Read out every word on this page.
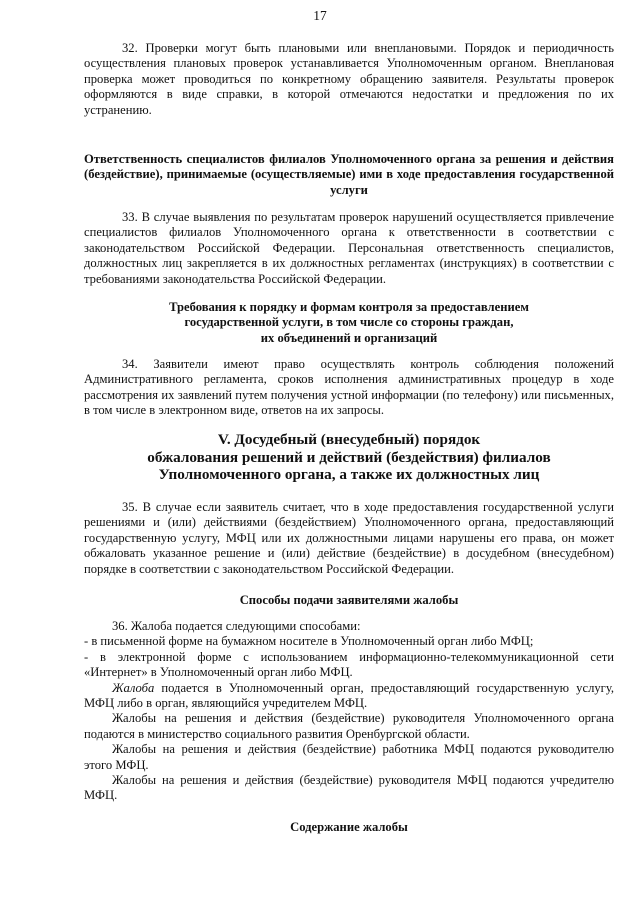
17

32. Проверки могут быть плановыми или внеплановыми. Порядок и периодичность осуществления плановых проверок устанавливается Уполномоченным органом. Внеплановая проверка может проводиться по конкретному обращению заявителя. Результаты проверок оформляются в виде справки, в которой отмечаются недостатки и предложения по их устранению.

Ответственность специалистов филиалов Уполномоченного органа за решения и действия (бездействие), принимаемые (осуществляемые) ими в ходе предоставления государственной услуги

33. В случае выявления по результатам проверок нарушений осуществляется привлечение специалистов филиалов Уполномоченного органа к ответственности в соответствии с законодательством Российской Федерации. Персональная ответственность специалистов, должностных лиц закрепляется в их должностных регламентах (инструкциях) в соответствии с требованиями законодательства Российской Федерации.

Требования к порядку и формам контроля за предоставлением
государственной услуги, в том числе со стороны граждан,
их объединений и организаций

34. Заявители имеют право осуществлять контроль соблюдения положений Административного регламента, сроков исполнения административных процедур в ходе рассмотрения их заявлений путем получения устной информации (по телефону) или письменных, в том числе в электронном виде, ответов на их запросы.

V. Досудебный (внесудебный) порядок
обжалования решений и действий (бездействия) филиалов
Уполномоченного органа, а также их должностных лиц

35. В случае если заявитель считает, что в ходе предоставления государственной услуги решениями и (или) действиями (бездействием) Уполномоченного органа, предоставляющий государственную услугу, МФЦ или их должностными лицами нарушены его права, он может обжаловать указанное решение и (или) действие (бездействие) в досудебном (внесудебном) порядке в соответствии с законодательством Российской Федерации.

Способы подачи заявителями жалобы

36. Жалоба подается следующими способами:

- в письменной форме на бумажном носителе в Уполномоченный орган либо МФЦ;

- в электронной форме с использованием информационно-телекоммуникационной сети «Интернет» в Уполномоченный орган либо МФЦ.

Жалоба подается в Уполномоченный орган, предоставляющий государственную услугу, МФЦ либо в орган, являющийся учредителем МФЦ.

Жалобы на решения и действия (бездействие) руководителя Уполномоченного органа подаются в министерство социального развития Оренбургской области.

Жалобы на решения и действия (бездействие) работника МФЦ подаются руководителю этого МФЦ.

Жалобы на решения и действия (бездействие) руководителя МФЦ подаются учредителю МФЦ.

Содержание жалобы
